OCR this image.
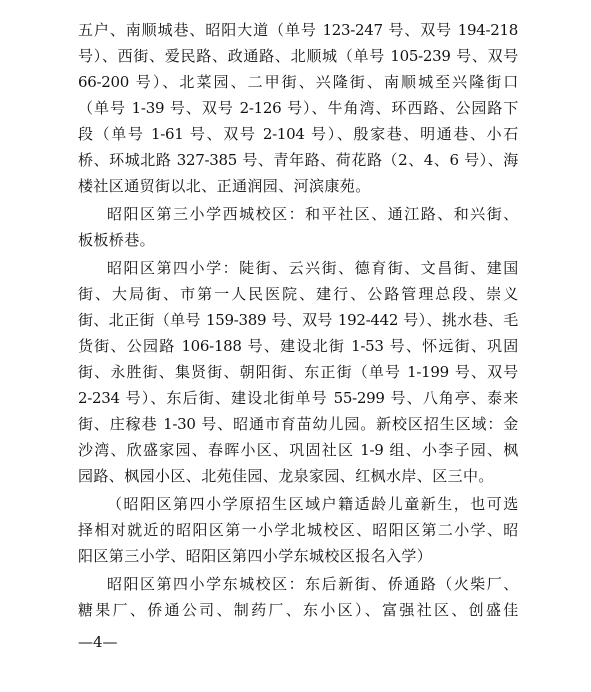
五户、南顺城巷、昭阳大道（单号 123-247 号、双号 194-218
号）、西街、爱民路、政通路、北顺城（单号 105-239 号、双号
66-200 号）、北菜园、二甲街、兴隆街、南顺城至兴隆街口
（单号 1-39 号、双号 2-126 号）、牛角湾、环西路、公园路下
段（单号 1-61 号、双号 2-104 号）、殷家巷、明通巷、小石
桥、环城北路 327-385 号、青年路、荷花路（2、4、6 号）、海
楼社区通贸街以北、正通润园、河滨康苑。
昭阳区第三小学西城校区：和平社区、通江路、和兴街、
板板桥巷。
昭阳区第四小学：陡街、云兴街、德育街、文昌街、建国
街、大局街、市第一人民医院、建行、公路管理总段、崇义
街、北正街（单号 159-389 号、双号 192-442 号）、挑水巷、毛
货街、公园路 106-188 号、建设北街 1-53 号、怀远街、巩固
街、永胜街、集贤街、朝阳街、东正街（单号 1-199 号、双号
2-234 号）、东后街、建设北街单号 55-299 号、八角亭、泰来
街、庄稼巷 1-30 号、昭通市育苗幼儿园。新校区招生区域：金
沙湾、欣盛家园、春晖小区、巩固社区 1-9 组、小李子园、枫
园路、枫园小区、北苑佳园、龙泉家园、红枫水岸、区三中。
（昭阳区第四小学原招生区域户籍适龄儿童新生，也可选
择相对就近的昭阳区第一小学北城校区、昭阳区第二小学、昭
阳区第三小学、昭阳区第四小学东城校区报名入学）
昭阳区第四小学东城校区：东后新街、侨通路（火柴厂、
糖果厂、侨通公司、制药厂、东小区）、富强社区、创盛佳
—4—
